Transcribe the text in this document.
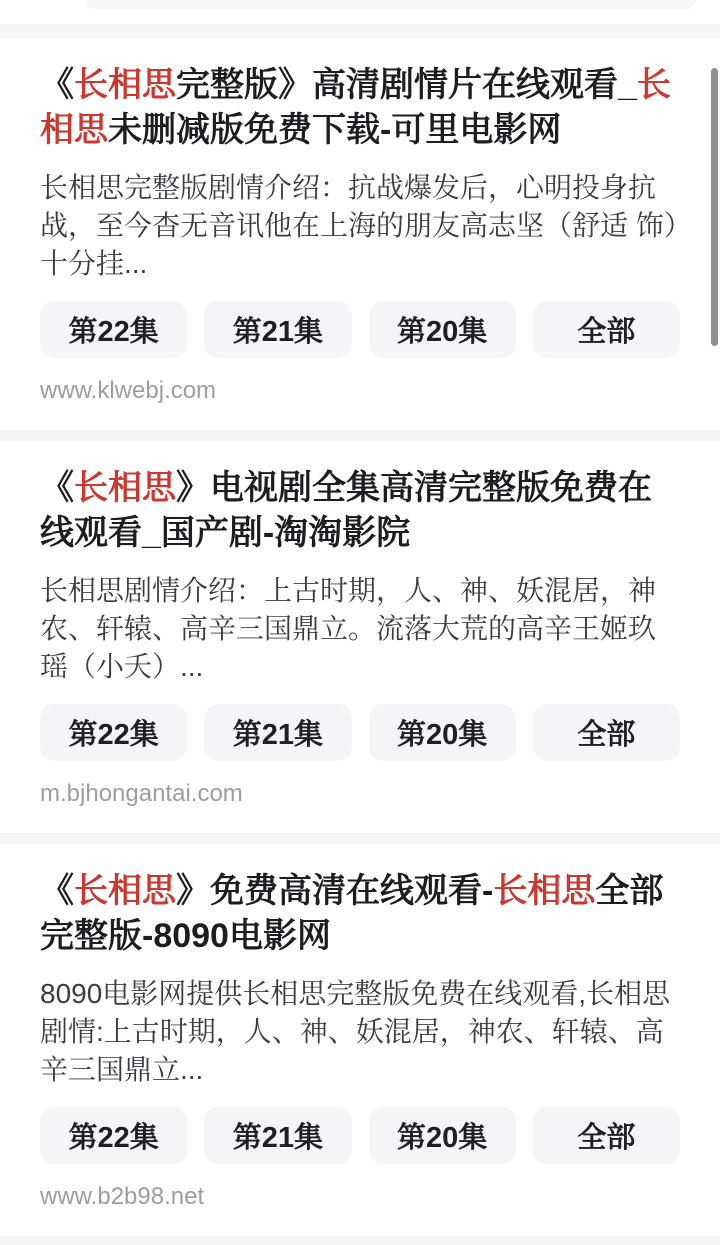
《长相思完整版》高清剧情片在线观看_长相思未删减版免费下载-可里电影网
长相思完整版剧情介绍：抗战爆发后，心明投身抗战，至今杳无音讯他在上海的朋友高志坚（舒适 饰）十分挂...
第22集	第21集	第20集	全部
www.klwebj.com
《长相思》电视剧全集高清完整版免费在线观看_国产剧-淘淘影院
长相思剧情介绍：上古时期，人、神、妖混居，神农、轩辕、高辛三国鼎立。流落大荒的高辛王姬玖瑶（小夭）...
第22集	第21集	第20集	全部
m.bjhongantai.com
《长相思》免费高清在线观看-长相思全部完整版-8090电影网
8090电影网提供长相思完整版免费在线观看,长相思剧情:上古时期，人、神、妖混居，神农、轩辕、高辛三国鼎立...
第22集	第21集	第20集	全部
www.b2b98.net
